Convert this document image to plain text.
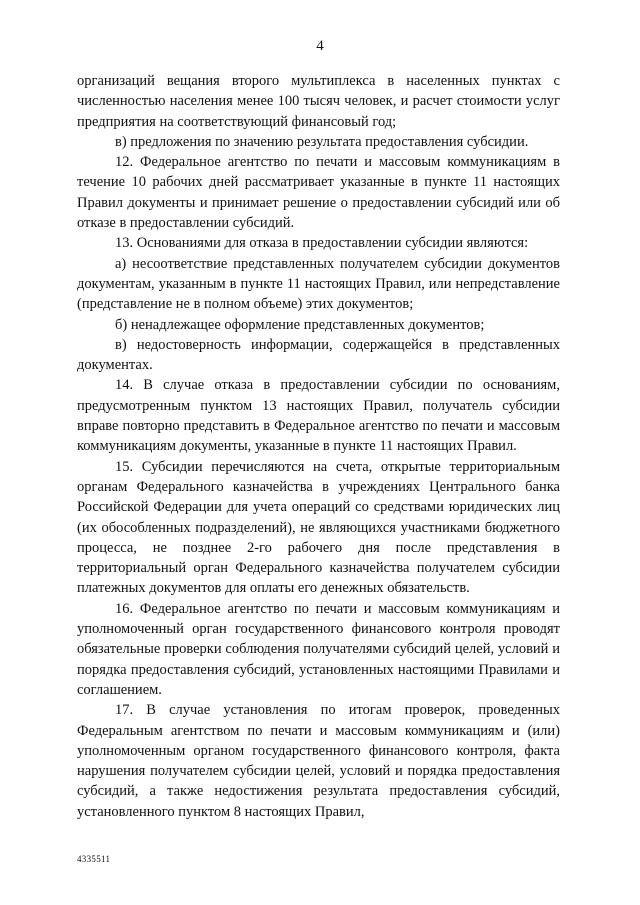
4

организаций вещания второго мультиплекса в населенных пунктах с численностью населения менее 100 тысяч человек, и расчет стоимости услуг предприятия на соответствующий финансовый год;

в) предложения по значению результата предоставления субсидии.

12. Федеральное агентство по печати и массовым коммуникациям в течение 10 рабочих дней рассматривает указанные в пункте 11 настоящих Правил документы и принимает решение о предоставлении субсидий или об отказе в предоставлении субсидий.

13. Основаниями для отказа в предоставлении субсидии являются:

а) несоответствие представленных получателем субсидии документов документам, указанным в пункте 11 настоящих Правил, или непредставление (представление не в полном объеме) этих документов;

б) ненадлежащее оформление представленных документов;

в) недостоверность информации, содержащейся в представленных документах.

14. В случае отказа в предоставлении субсидии по основаниям, предусмотренным пунктом 13 настоящих Правил, получатель субсидии вправе повторно представить в Федеральное агентство по печати и массовым коммуникациям документы, указанные в пункте 11 настоящих Правил.

15. Субсидии перечисляются на счета, открытые территориальным органам Федерального казначейства в учреждениях Центрального банка Российской Федерации для учета операций со средствами юридических лиц (их обособленных подразделений), не являющихся участниками бюджетного процесса, не позднее 2-го рабочего дня после представления в территориальный орган Федерального казначейства получателем субсидии платежных документов для оплаты его денежных обязательств.

16. Федеральное агентство по печати и массовым коммуникациям и уполномоченный орган государственного финансового контроля проводят обязательные проверки соблюдения получателями субсидий целей, условий и порядка предоставления субсидий, установленных настоящими Правилами и соглашением.

17. В случае установления по итогам проверок, проведенных Федеральным агентством по печати и массовым коммуникациям и (или) уполномоченным органом государственного финансового контроля, факта нарушения получателем субсидии целей, условий и порядка предоставления субсидий, а также недостижения результата предоставления субсидий, установленного пунктом 8 настоящих Правил,

4335511
